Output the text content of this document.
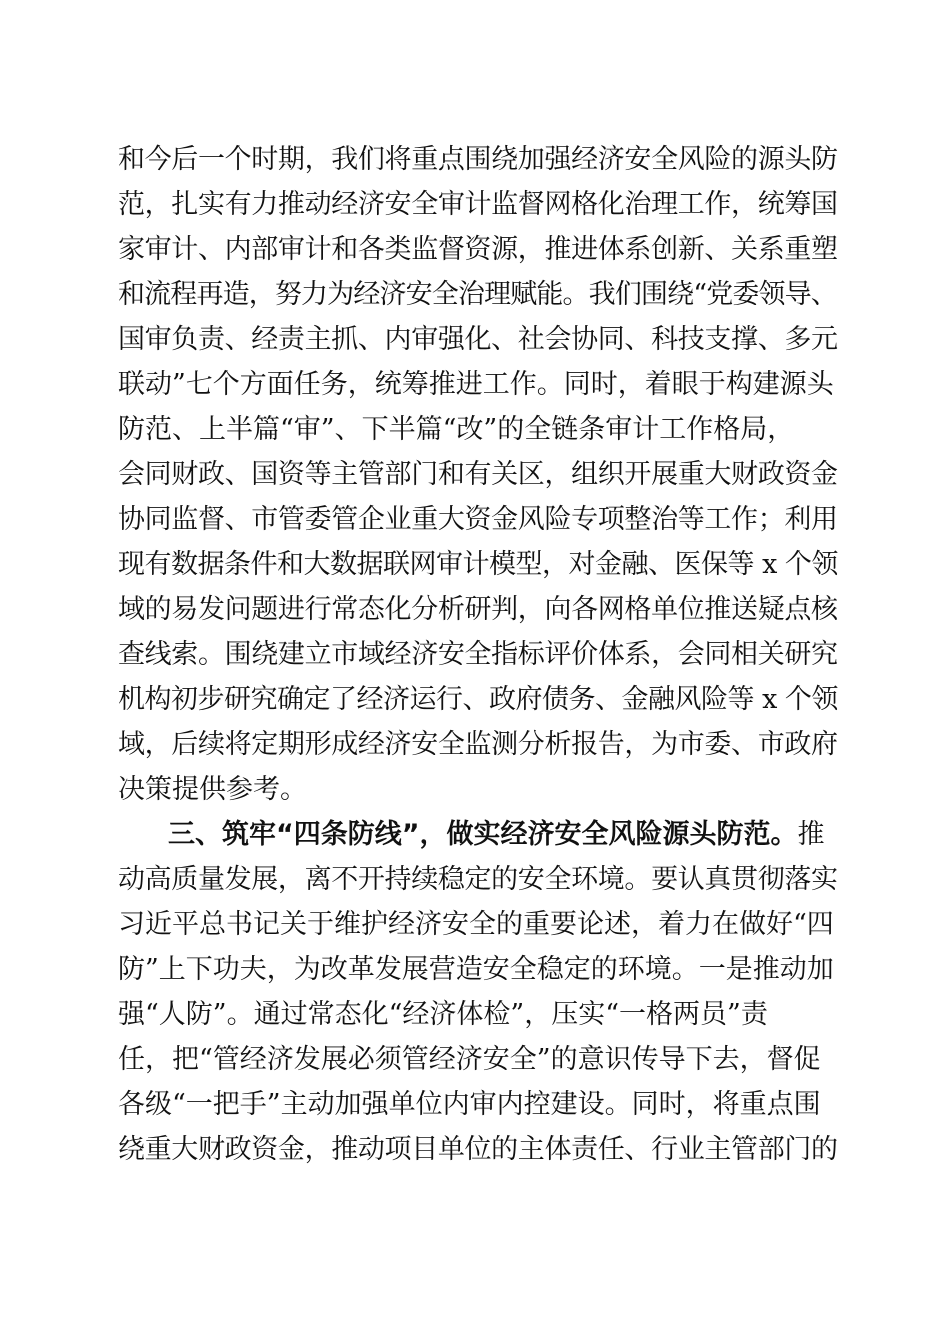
和今后一个时期，我们将重点围绕加强经济安全风险的源头防
范，扎实有力推动经济安全审计监督网格化治理工作，统筹国
家审计、内部审计和各类监督资源，推进体系创新、关系重塑
和流程再造，努力为经济安全治理赋能。我们围绕“党委领导、
国审负责、经责主抓、内审强化、社会协同、科技支撑、多元
联动”七个方面任务，统筹推进工作。同时，着眼于构建源头
防范、上半篇“审”、下半篇“改”的全链条审计工作格局，
会同财政、国资等主管部门和有关区，组织开展重大财政资金
协同监督、市管委管企业重大资金风险专项整治等工作；利用
现有数据条件和大数据联网审计模型，对金融、医保等 x 个领
域的易发问题进行常态化分析研判，向各网格单位推送疑点核
查线索。围绕建立市域经济安全指标评价体系，会同相关研究
机构初步研究确定了经济运行、政府债务、金融风险等 x 个领
域，后续将定期形成经济安全监测分析报告，为市委、市政府
决策提供参考。
三、筑牢“四条防线”，做实经济安全风险源头防范。推
动高质量发展，离不开持续稳定的安全环境。要认真贯彻落实
习近平总书记关于维护经济安全的重要论述，着力在做好“四
防”上下功夫，为改革发展营造安全稳定的环境。一是推动加
强“人防”。通过常态化“经济体检”，压实“一格两员”责
任，把“管经济发展必须管经济安全”的意识传导下去，督促
各级“一把手”主动加强单位内审内控建设。同时，将重点围
绕重大财政资金，推动项目单位的主体责任、行业主管部门的
